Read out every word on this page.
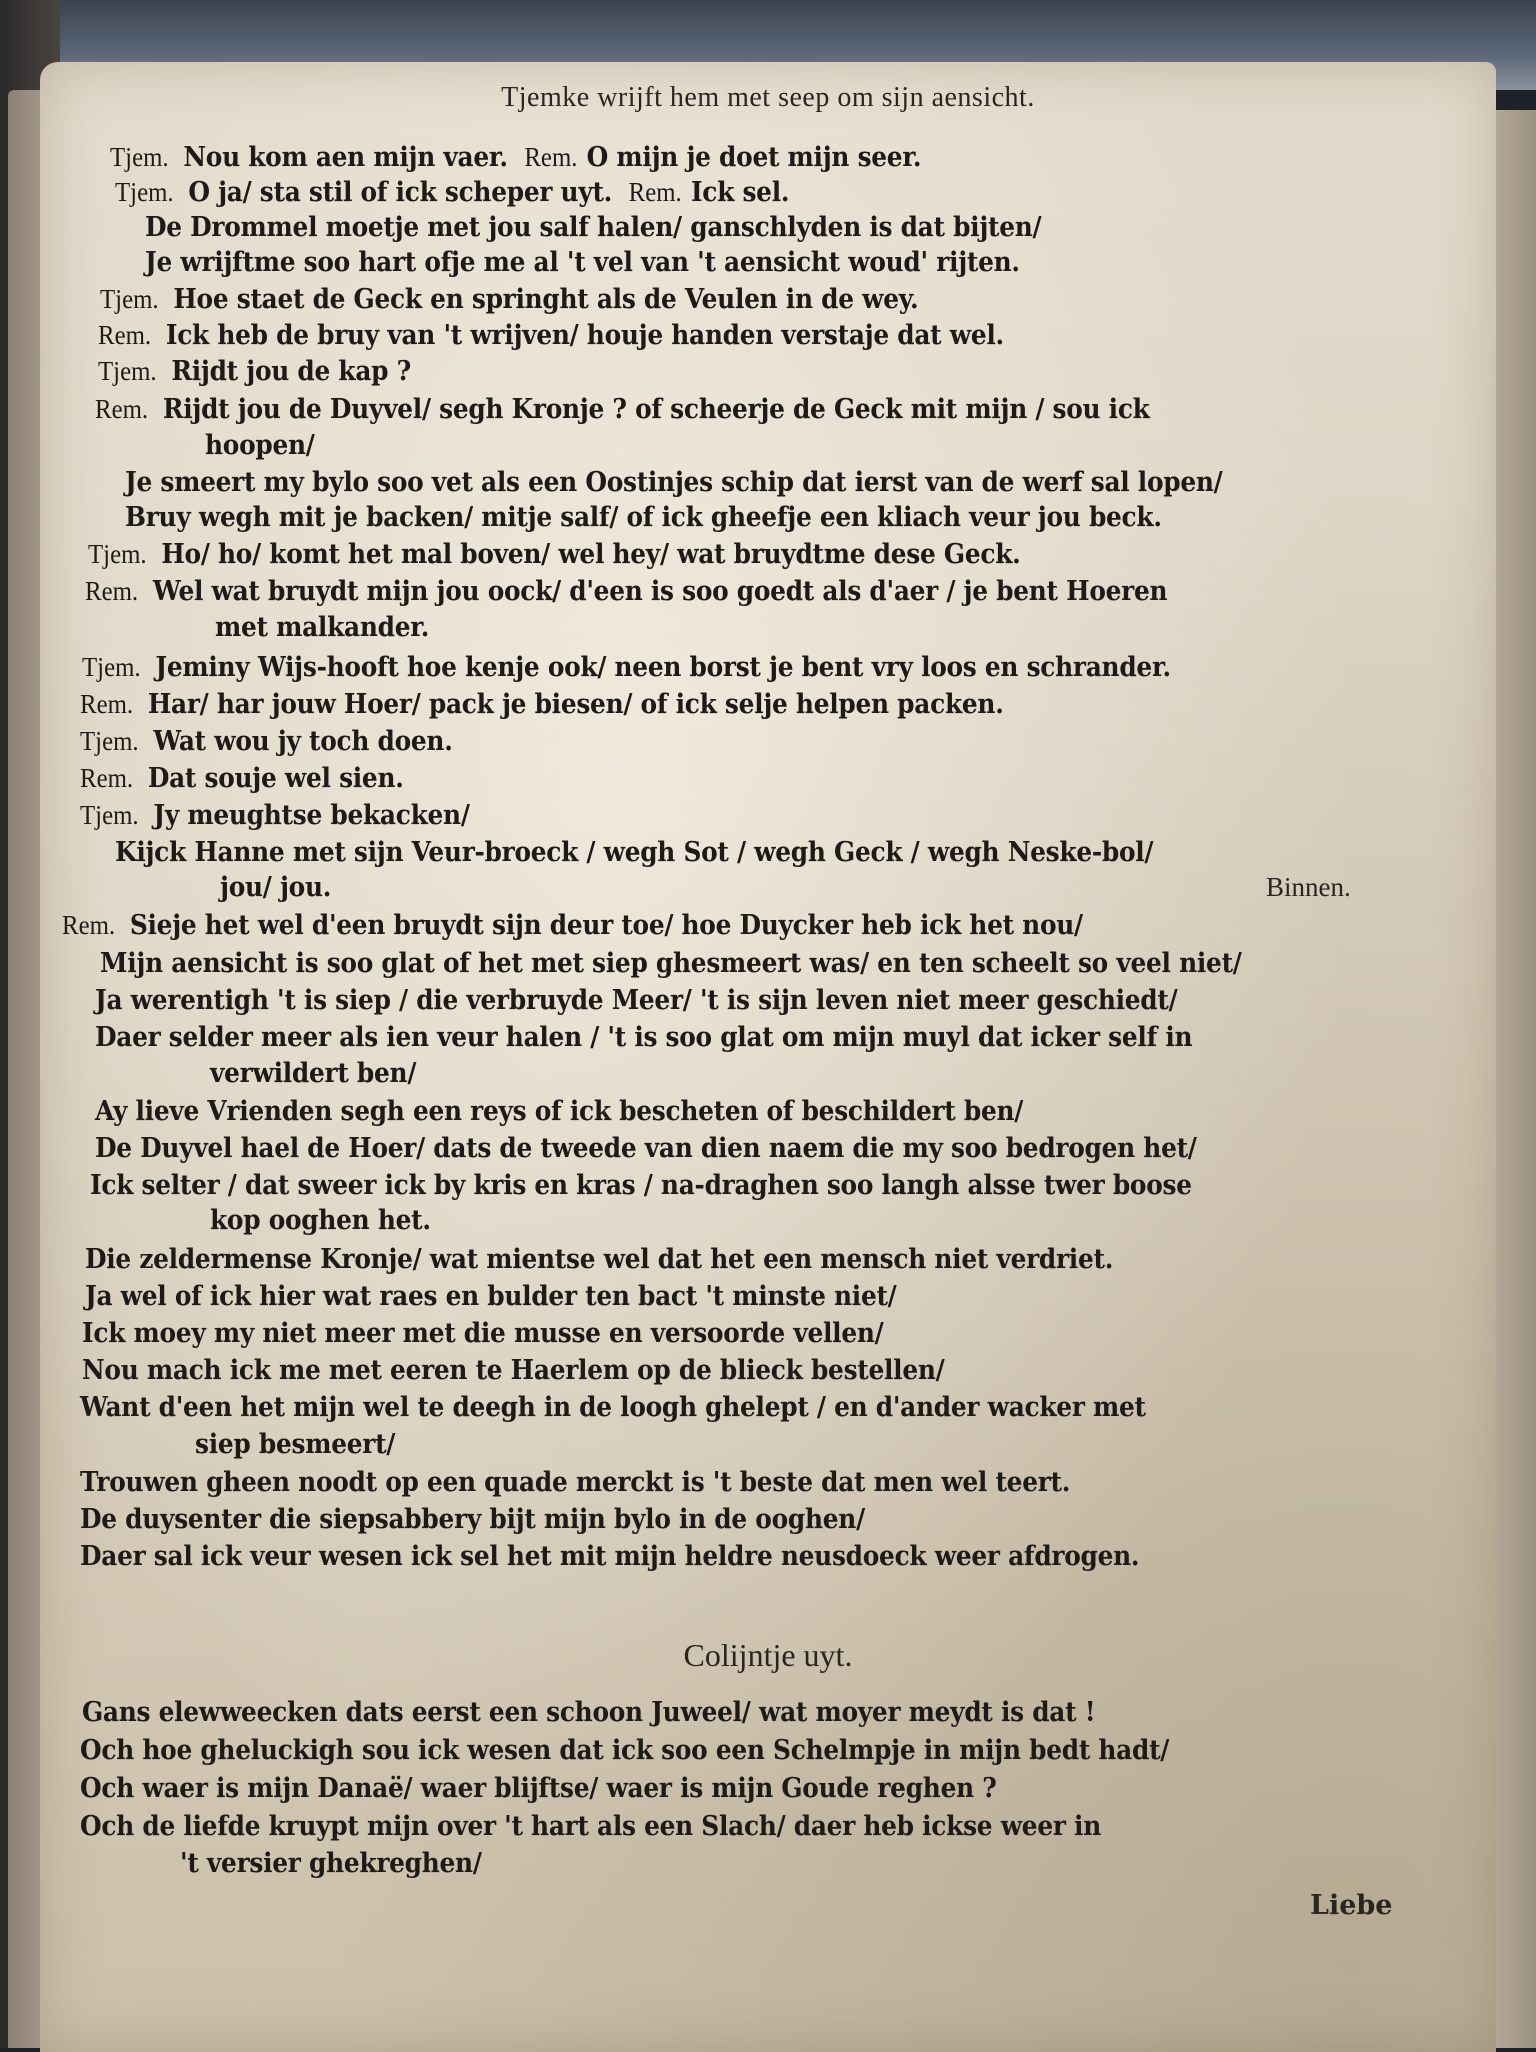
Tjemke wrijft hem met seep om sijn aensicht.
Tjem. Nou kom aen mijn vaer. Rem. O mijn je doet mijn seer.
Tjem. O ja/ sta stil of ick scheper uyt. Rem. Ick sel.
De Drommel moetje met jou salf halen/ ganschlyden is dat bijten/
Je wrijftme soo hart ofje me al 't vel van 't aensicht woud' rijten.
Tjem. Hoe staet de Geck en springht als de Veulen in de wey.
Rem. Ick heb de bruy van 't wrijven/ houje handen verstaje dat wel.
Tjem. Rijdt jou de kap ?
Rem. Rijdt jou de Duyvel/ segh Kronje ? of scheerje de Geck mit mijn / sou ick
hoopen/
Je smeert my bylo soo vet als een Oostinjes schip dat ierst van de werf sal lopen/
Bruy wegh mit je backen/ mitje salf/ of ick gheefje een kliach veur jou beck.
Tjem. Ho/ ho/ komt het mal boven/ wel hey/ wat bruydtme dese Geck.
Rem. Wel wat bruydt mijn jou oock/ d'een is soo goedt als d'aer / je bent Hoeren
met malkander.
Tjem. Jeminy Wijs-hooft hoe kenje ook/ neen borst je bent vry loos en schrander.
Rem. Har/ har jouw Hoer/ pack je biesen/ of ick selje helpen packen.
Tjem. Wat wou jy toch doen.
Rem. Dat souje wel sien.
Tjem. Jy meughtse bekacken/
Kijck Hanne met sijn Veur-broeck / wegh Sot / wegh Geck / wegh Neske-bol/
jou/ jou.	Binnen.
Rem. Sieje het wel d'een bruydt sijn deur toe/ hoe Duycker heb ick het nou/
Mijn aensicht is soo glat of het met siep ghesmeert was/ en ten scheelt so veel niet/
Ja werentigh 't is siep / die verbruyde Meer/ 't is sijn leven niet meer geschiedt/
Daer selder meer als ien veur halen / 't is soo glat om mijn muyl dat icker self in
verwildert ben/
Ay lieve Vrienden segh een reys of ick bescheten of beschildert ben/
De Duyvel hael de Hoer/ dats de tweede van dien naem die my soo bedrogen het/
Ick selter / dat sweer ick by kris en kras / na-draghen soo langh alsse twer boose
kop ooghen het.
Die zeldermense Kronje/ wat mientse wel dat het een mensch niet verdriet.
Ja wel of ick hier wat raes en bulder ten bact 't minste niet/
Ick moey my niet meer met die musse en versoorde vellen/
Nou mach ick me met eeren te Haerlem op de blieck bestellen/
Want d'een het mijn wel te deegh in de loogh ghelept / en d'ander wacker met
siep besmeert/
Trouwen gheen noodt op een quade merckt is 't beste dat men wel teert.
De duysenter die siepsabbery bijt mijn bylo in de ooghen/
Daer sal ick veur wesen ick sel het mit mijn heldre neusdoeck weer afdrogen.
Colijntje uyt.
Gans elewweecken dats eerst een schoon Juweel/ wat moyer meydt is dat !
Och hoe gheluckigh sou ick wesen dat ick soo een Schelmpje in mijn bedt hadt/
Och waer is mijn Danaë/ waer blijftse/ waer is mijn Goude reghen ?
Och de liefde kruypt mijn over 't hart als een Slach/ daer heb ickse weer in
't versier ghekreghen/
Liebe
